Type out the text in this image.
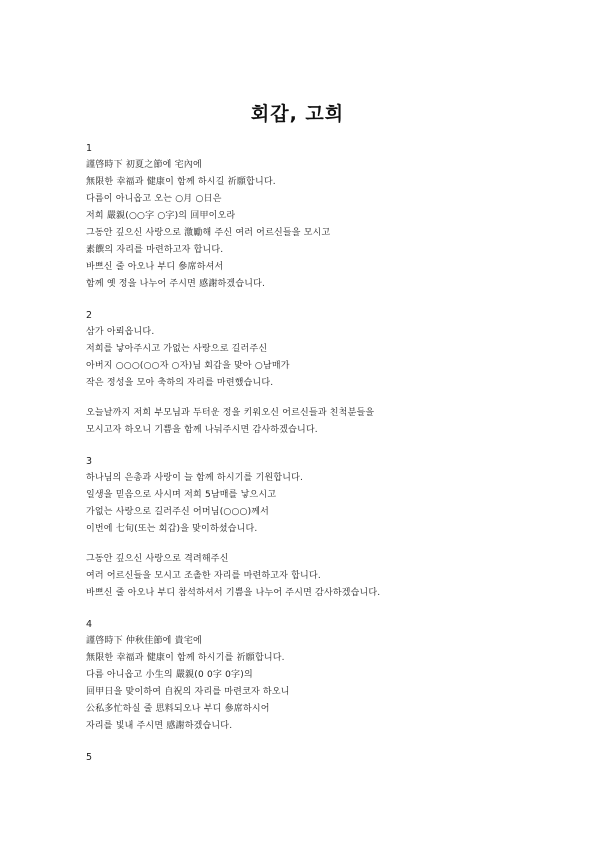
회갑, 고희
1
謹啓時下 初夏之節에 宅內에
無限한 幸福과 健康이 함께 하시길 祈願합니다.
다름이 아니옵고 오는 ○月 ○日은
저희 嚴親(○○字 ○字)의 回甲이오라
그동안 깊으신 사랑으로 激勵해 주신 여러 어르신들을 모시고
素饌의 자리를 마련하고자 합니다.
바쁘신 줄 아오나 부디 參席하셔서
함께 옛 정을 나누어 주시면 感謝하겠습니다.
2
삼가 아뢰옵니다.
저희를 낳아주시고 가없는 사랑으로 길러주신
아버지 ○○○(○○자 ○자)님 회갑을 맞아 ○남매가
작은 정성을 모아 축하의 자리를 마련했습니다.
오늘날까지 저희 부모님과 두터운 정을 키워오신 어르신들과 친척분들을
모시고자 하오니 기쁨을 함께 나눠주시면 감사하겠습니다.
3
하나님의 은총과 사랑이 늘 함께 하시기를 기원합니다.
일생을 믿음으로 사시며 저희 5남매를 낳으시고
가없는 사랑으로 길러주신 어머님(○○○)께서
이번에 七旬(또는 회갑)을 맞이하셨습니다.
그동안 깊으신 사랑으로 격려해주신
여러 어르신들을 모시고 조촐한 자리를 마련하고자 합니다.
바쁘신 줄 아오나 부디 참석하셔서 기쁨을 나누어 주시면 감사하겠습니다.
4
謹啓時下 仲秋佳節에 貴宅에
無限한 幸福과 健康이 함께 하시기를 祈願합니다.
다름 아니옵고 小生의 嚴親(0 0字 0字)의
回甲日을 맞이하여 自祝의 자리를 마련코자 하오니
公私多忙하실 줄 思料되오나 부디 參席하시어
자리를 빛내 주시면 感謝하겠습니다.
5
